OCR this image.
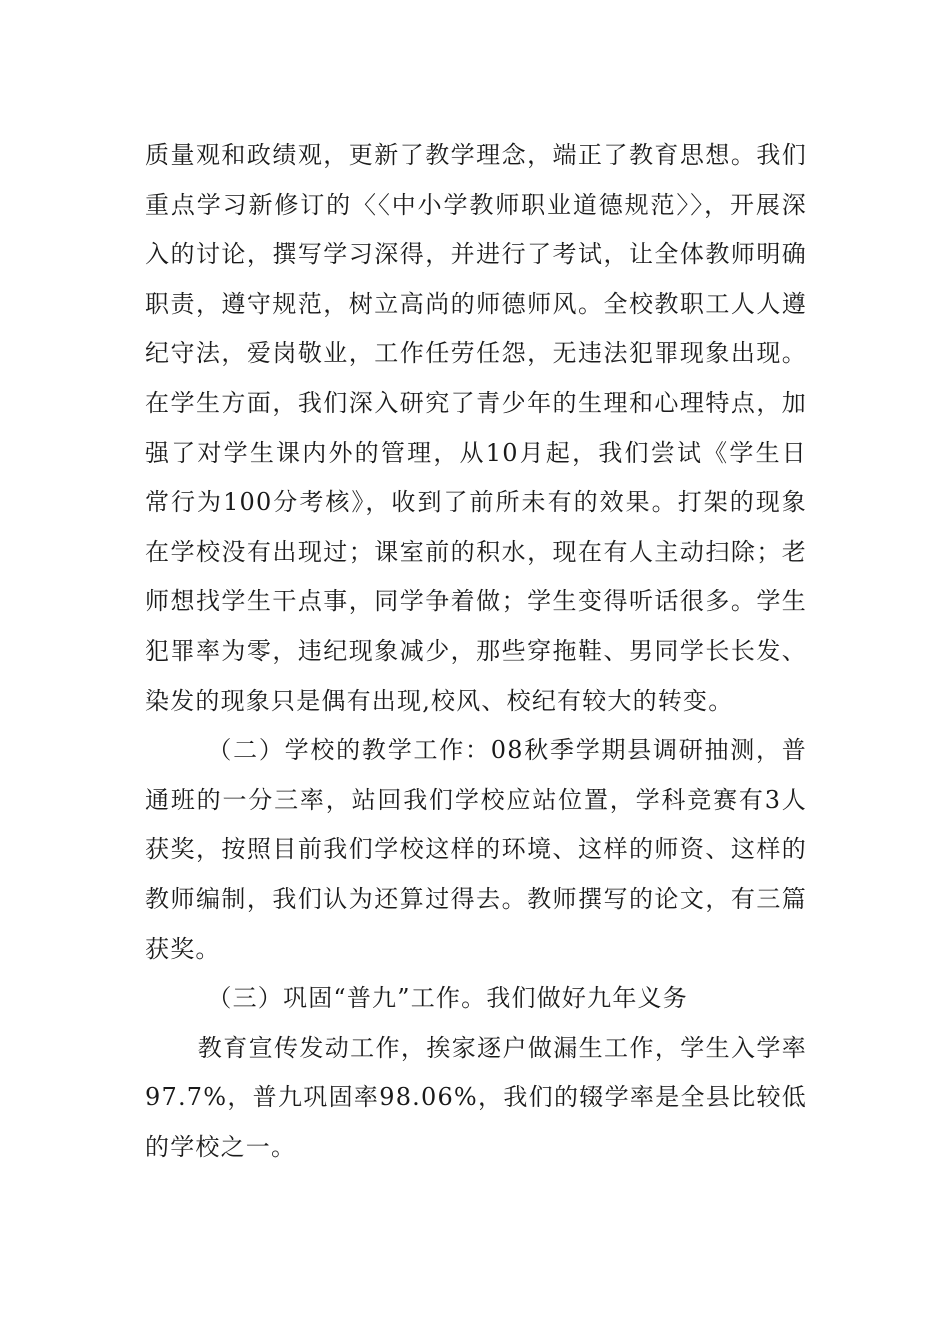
质量观和政绩观，更新了教学理念，端正了教育思想。我们重点学习新修订的〈〈中小学教师职业道德规范〉〉，开展深入的讨论，撰写学习深得，并进行了考试，让全体教师明确职责，遵守规范，树立高尚的师德师风。全校教职工人人遵纪守法，爱岗敬业，工作任劳任怨，无违法犯罪现象出现。在学生方面，我们深入研究了青少年的生理和心理特点，加强了对学生课内外的管理，从10月起，我们尝试《学生日常行为100分考核》，收到了前所未有的效果。打架的现象在学校没有出现过；课室前的积水，现在有人主动扫除；老师想找学生干点事，同学争着做；学生变得听话很多。学生犯罪率为零，违纪现象减少，那些穿拖鞋、男同学长长发、染发的现象只是偶有出现,校风、校纪有较大的转变。

（二）学校的教学工作：08秋季学期县调研抽测，普通班的一分三率，站回我们学校应站位置，学科竞赛有3人获奖，按照目前我们学校这样的环境、这样的师资、这样的教师编制，我们认为还算过得去。教师撰写的论文，有三篇获奖。

（三）巩固“普九”工作。我们做好九年义务

教育宣传发动工作，挨家逐户做漏生工作，学生入学率97.7%，普九巩固率98.06%，我们的辍学率是全县比较低的学校之一。
